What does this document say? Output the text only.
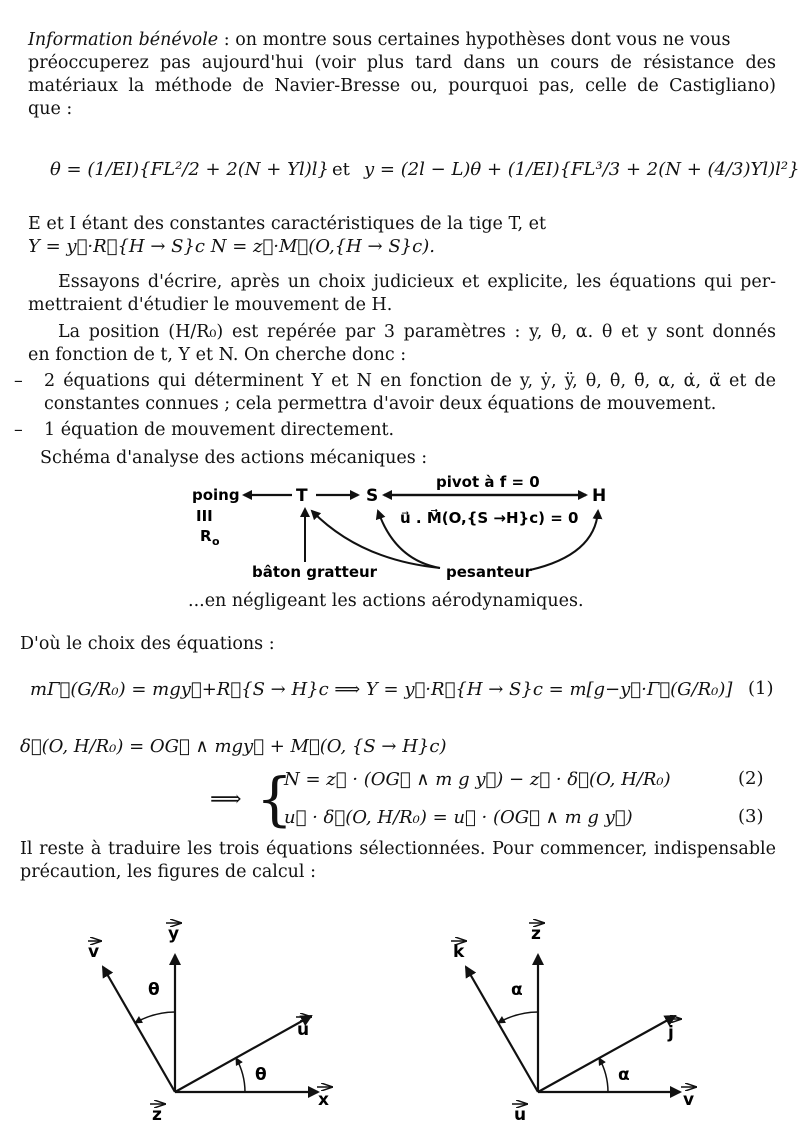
Information bénévole : on montre sous certaines hypothèses dont vous ne vous
préoccuperez pas aujourd'hui (voir plus tard dans un cours de résistance des
matériaux la méthode de Navier-Bresse ou, pourquoi pas, celle de Castigliano)
que :
θ = (1/EI){FL²/2 + 2(N + Yl)l} et y = (2l − L)θ + (1/EI){FL³/3 + 2(N + (4/3)Yl)l²}
E et I étant des constantes caractéristiques de la tige T, et
Y = y⃗·R⃗{H → S}c N = z⃗·M⃗(O,{H → S}c).
Essayons d'écrire, après un choix judicieux et explicite, les équations qui per-
mettraient d'étudier le mouvement de H.
La position (H/R₀) est repérée par 3 paramètres : y, θ, α. θ et y sont donnés
en fonction de t, Y et N. On cherche donc :
– 2 équations qui déterminent Y et N en fonction de y, ẏ, ÿ, θ, θ̇, θ̈, α, α̇, α̈ et de
constantes connues ; cela permettra d'avoir deux équations de mouvement.
– 1 équation de mouvement directement.
Schéma d'analyse des actions mécaniques :
poing	T	S	H
pivot à f = 0
u⃗ . M⃗(O,{S →H}c) = 0
III
R o
bâton gratteur	pesanteur
...en négligeant les actions aérodynamiques.
D'où le choix des équations :
mΓ⃗(G/R₀) = mgy⃗+R⃗{S → H}c ⟹ Y = y⃗·R⃗{H → S}c = m[g−y⃗·Γ⃗(G/R₀)] (1)
δ⃗(O, H/R₀) = OG⃗ ∧ mgy⃗ + M⃗(O, {S → H}c)
⟹ {
N = z⃗ · (OG⃗ ∧ m g y⃗) − z⃗ · δ⃗(O, H/R₀)	(2)
u⃗ · δ⃗(O, H/R₀) = u⃗ · (OG⃗ ∧ m g y⃗)	(3)
Il reste à traduire les trois équations sélectionnées. Pour commencer, indispensable
précaution, les figures de calcul :
v
y
u
x
z
θ
θ
k
z
j
v
u
α
α
